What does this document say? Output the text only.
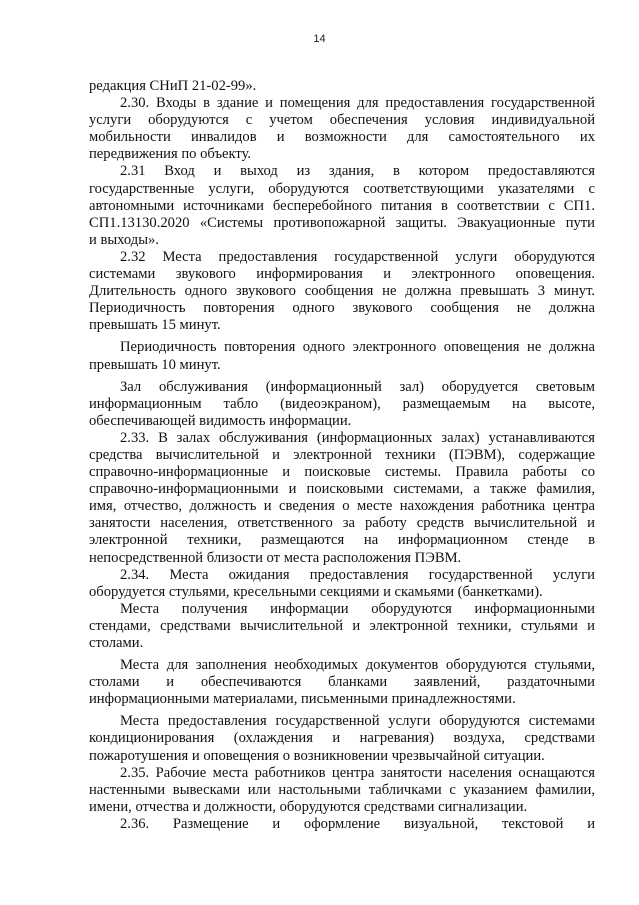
14
редакция СНиП 21-02-99».
2.30. Входы в здание и помещения для предоставления государственной
услуги оборудуются с учетом обеспечения условия индивидуальной
мобильности инвалидов и возможности для самостоятельного их
передвижения по объекту.
2.31 Вход и выход из здания, в котором предоставляются
государственные услуги, оборудуются соответствующими указателями с
автономными источниками бесперебойного питания в соответствии с СП1.
СП1.13130.2020 «Системы противопожарной защиты. Эвакуационные пути
и выходы».
2.32 Места предоставления государственной услуги оборудуются
системами звукового информирования и электронного оповещения.
Длительность одного звукового сообщения не должна превышать 3 минут.
Периодичность повторения одного звукового сообщения не должна
превышать 15 минут.
Периодичность повторения одного электронного оповещения не должна
превышать 10 минут.
Зал обслуживания (информационный зал) оборудуется световым
информационным табло (видеоэкраном), размещаемым на высоте,
обеспечивающей видимость информации.
2.33. В залах обслуживания (информационных залах) устанавливаются
средства вычислительной и электронной техники (ПЭВМ), содержащие
справочно-информационные и поисковые системы. Правила работы со
справочно-информационными и поисковыми системами, а также фамилия,
имя, отчество, должность и сведения о месте нахождения работника центра
занятости населения, ответственного за работу средств вычислительной и
электронной техники, размещаются на информационном стенде в
непосредственной близости от места расположения ПЭВМ.
2.34. Места ожидания предоставления государственной услуги
оборудуется стульями, кресельными секциями и скамьями (банкетками).
Места получения информации оборудуются информационными
стендами, средствами вычислительной и электронной техники, стульями и
столами.
Места для заполнения необходимых документов оборудуются стульями,
столами и обеспечиваются бланками заявлений, раздаточными
информационными материалами, письменными принадлежностями.
Места предоставления государственной услуги оборудуются системами
кондиционирования (охлаждения и нагревания) воздуха, средствами
пожаротушения и оповещения о возникновении чрезвычайной ситуации.
2.35. Рабочие места работников центра занятости населения оснащаются
настенными вывесками или настольными табличками с указанием фамилии,
имени, отчества и должности, оборудуются средствами сигнализации.
2.36. Размещение и оформление визуальной, текстовой и
